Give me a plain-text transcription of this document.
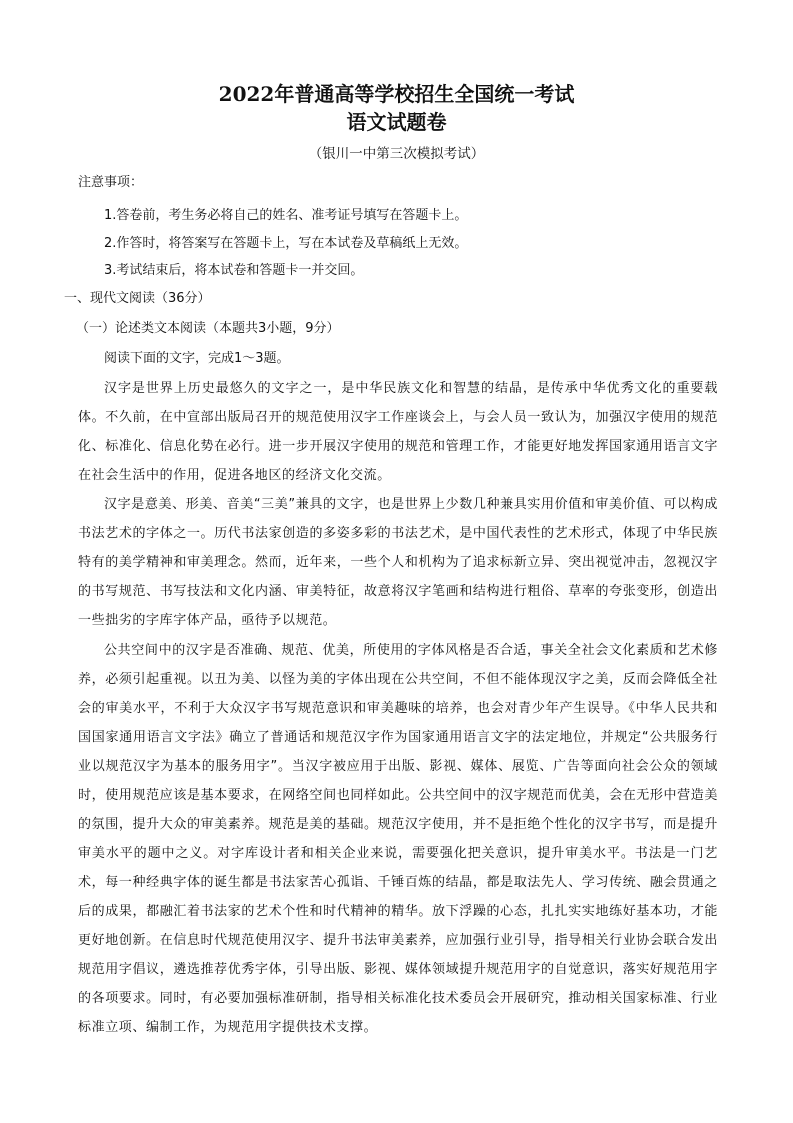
2022年普通高等学校招生全国统一考试
语文试题卷

（银川一中第三次模拟考试）

注意事项：

1.答卷前，考生务必将自己的姓名、准考证号填写在答题卡上。

2.作答时，将答案写在答题卡上，写在本试卷及草稿纸上无效。

3.考试结束后，将本试卷和答题卡一并交回。

一、现代文阅读（36分）

（一）论述类文本阅读（本题共3小题，9分）

阅读下面的文字，完成1～3题。

汉字是世界上历史最悠久的文字之一，是中华民族文化和智慧的结晶，是传承中华优秀文化的重要载体。不久前，在中宣部出版局召开的规范使用汉字工作座谈会上，与会人员一致认为，加强汉字使用的规范化、标准化、信息化势在必行。进一步开展汉字使用的规范和管理工作，才能更好地发挥国家通用语言文字在社会生活中的作用，促进各地区的经济文化交流。

汉字是意美、形美、音美“三美”兼具的文字，也是世界上少数几种兼具实用价值和审美价值、可以构成书法艺术的字体之一。历代书法家创造的多姿多彩的书法艺术，是中国代表性的艺术形式，体现了中华民族特有的美学精神和审美理念。然而，近年来，一些个人和机构为了追求标新立异、突出视觉冲击，忽视汉字的书写规范、书写技法和文化内涵、审美特征，故意将汉字笔画和结构进行粗俗、草率的夸张变形，创造出一些拙劣的字库字体产品，亟待予以规范。

公共空间中的汉字是否准确、规范、优美，所使用的字体风格是否合适，事关全社会文化素质和艺术修养，必须引起重视。以丑为美、以怪为美的字体出现在公共空间，不但不能体现汉字之美，反而会降低全社会的审美水平，不利于大众汉字书写规范意识和审美趣味的培养，也会对青少年产生误导。《中华人民共和国国家通用语言文字法》确立了普通话和规范汉字作为国家通用语言文字的法定地位，并规定“公共服务行业以规范汉字为基本的服务用字”。当汉字被应用于出版、影视、媒体、展览、广告等面向社会公众的领域时，使用规范应该是基本要求，在网络空间也同样如此。公共空间中的汉字规范而优美，会在无形中营造美的氛围，提升大众的审美素养。规范是美的基础。规范汉字使用，并不是拒绝个性化的汉字书写，而是提升审美水平的题中之义。对字库设计者和相关企业来说，需要强化把关意识，提升审美水平。书法是一门艺术，每一种经典字体的诞生都是书法家苦心孤诣、千锤百炼的结晶，都是取法先人、学习传统、融会贯通之后的成果，都融汇着书法家的艺术个性和时代精神的精华。放下浮躁的心态，扎扎实实地练好基本功，才能更好地创新。在信息时代规范使用汉字、提升书法审美素养，应加强行业引导，指导相关行业协会联合发出规范用字倡议，遴选推荐优秀字体，引导出版、影视、媒体领域提升规范用字的自觉意识，落实好规范用字的各项要求。同时，有必要加强标准研制，指导相关标准化技术委员会开展研究，推动相关国家标准、行业标准立项、编制工作，为规范用字提供技术支撑。
